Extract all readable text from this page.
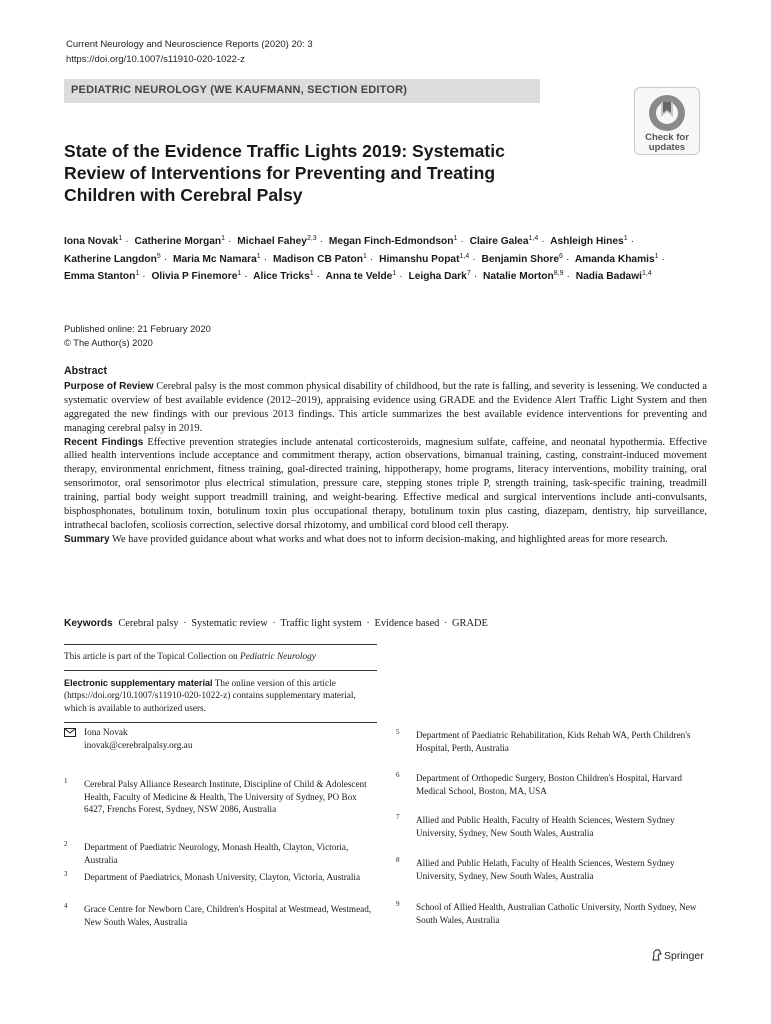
Current Neurology and Neuroscience Reports (2020) 20: 3
https://doi.org/10.1007/s11910-020-1022-z
PEDIATRIC NEUROLOGY (WE KAUFMANN, SECTION EDITOR)
Check for
updates
State of the Evidence Traffic Lights 2019: Systematic Review of Interventions for Preventing and Treating Children with Cerebral Palsy
Iona Novak$^1$ · Catherine Morgan$^1$ · Michael Fahey$^{2,3}$ · Megan Finch-Edmondson$^1$ · Claire Galea$^{1,4}$ · Ashleigh Hines$^1$ · Katherine Langdon$^5$ · Maria Mc Namara$^1$ · Madison CB Paton$^1$ · Himanshu Popat$^{1,4}$ · Benjamin Shore$^6$ · Amanda Khamis$^1$ · Emma Stanton$^1$ · Olivia P Finemore$^1$ · Alice Tricks$^1$ · Anna te Velde$^1$ · Leigha Dark$^7$ · Natalie Morton$^{8,9}$ · Nadia Badawi$^{1,4}$
Published online: 21 February 2020
© The Author(s) 2020
Abstract

Purpose of Review Cerebral palsy is the most common physical disability of childhood, but the rate is falling, and severity is lessening. We conducted a systematic overview of best available evidence (2012–2019), appraising evidence using GRADE and the Evidence Alert Traffic Light System and then aggregated the new findings with our previous 2013 findings. This article summarizes the best available evidence interventions for preventing and managing cerebral palsy in 2019.

Recent Findings Effective prevention strategies include antenatal corticosteroids, magnesium sulfate, caffeine, and neonatal hypothermia. Effective allied health interventions include acceptance and commitment therapy, action observations, bimanual training, casting, constraint-induced movement therapy, environmental enrichment, fitness training, goal-directed training, hippotherapy, home programs, literacy interventions, mobility training, oral sensorimotor, oral sensorimotor plus electrical stimulation, pressure care, stepping stones triple P, strength training, task-specific training, treadmill training, partial body weight support treadmill training, and weight-bearing. Effective medical and surgical interventions include anti-convulsants, bisphosphonates, botulinum toxin, botulinum toxin plus occupational therapy, botulinum toxin plus casting, diazepam, dentistry, hip surveillance, intrathecal baclofen, scoliosis correction, selective dorsal rhizotomy, and umbilical cord blood cell therapy.

Summary We have provided guidance about what works and what does not to inform decision-making, and highlighted areas for more research.

Keywords Cerebral palsy · Systematic review · Traffic light system · Evidence based · GRADE
This article is part of the Topical Collection on Pediatric Neurology
Electronic supplementary material The online version of this article (https://doi.org/10.1007/s11910-020-1022-z) contains supplementary material, which is available to authorized users.
Iona Novak
inovak@cerebralpalsy.org.au
1 Cerebral Palsy Alliance Research Institute, Discipline of Child & Adolescent Health, Faculty of Medicine & Health, The University of Sydney, PO Box 6427, Frenchs Forest, Sydney, NSW 2086, Australia
2 Department of Paediatric Neurology, Monash Health, Clayton, Victoria, Australia
3 Department of Paediatrics, Monash University, Clayton, Victoria, Australia
4 Grace Centre for Newborn Care, Children's Hospital at Westmead, Westmead, New South Wales, Australia
5 Department of Paediatric Rehabilitation, Kids Rehab WA, Perth Children's Hospital, Perth, Australia
6 Department of Orthopedic Surgery, Boston Children's Hospital, Harvard Medical School, Boston, MA, USA
7 Allied and Public Health, Faculty of Health Sciences, Western Sydney University, Sydney, New South Wales, Australia
8 Allied and Public Helath, Faculty of Health Sciences, Western Sydney University, Sydney, New South Wales, Australia
9 School of Allied Health, Australian Catholic University, North Sydney, New South Wales, Australia
Springer
